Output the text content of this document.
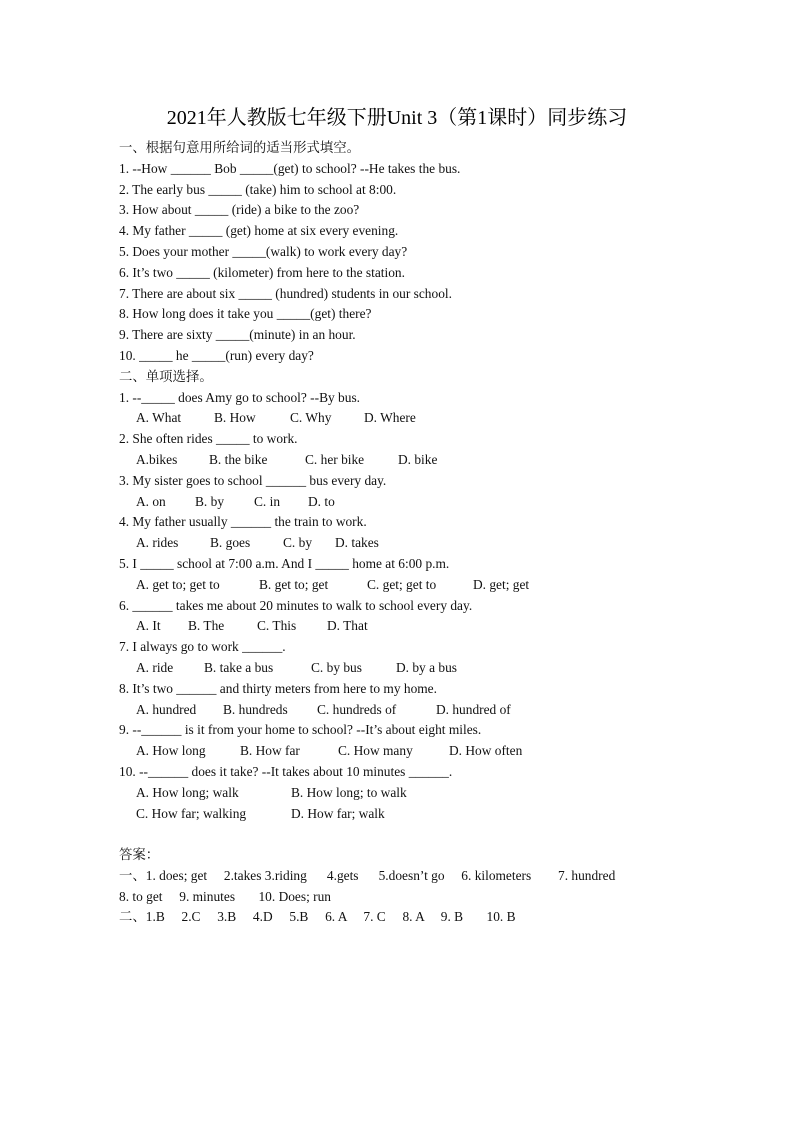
2021年人教版七年级下册Unit 3（第1课时）同步练习
一、根据句意用所给词的适当形式填空。
1. --How ______ Bob _____(get) to school? --He takes the bus.
2. The early bus _____ (take) him to school at 8:00.
3. How about _____ (ride) a bike to the zoo?
4. My father _____ (get) home at six every evening.
5. Does your mother _____(walk) to work every day?
6. It’s two _____ (kilometer) from here to the station.
7. There are about six _____ (hundred) students in our school.
8. How long does it take you _____(get) there?
9. There are sixty _____(minute) in an hour.
10. _____ he _____(run) every day?
二、单项选择。
1. --_____ does Amy go to school? --By bus.
A. What B. How	C. Why D. Where
2. She often rides _____ to work.
A.bikes B. the bike	C. her bike	D. bike
3. My sister goes to school ______ bus every day.
A. on B. by C. in D. to
4. My father usually ______ the train to work.
A. rides B. goes C. by D. takes
5. I _____ school at 7:00 a.m. And I _____ home at 6:00 p.m.
A. get to; get to	B. get to; get	C. get; get to	D. get; get
6. ______ takes me about 20 minutes to walk to school every day.
A. It B. The C. This D. That
7. I always go to work ______.
A. ride B. take a bus	C. by bus	D. by a bus
8. It’s two ______ and thirty meters from here to my home.
A. hundred B. hundreds C. hundreds of	D. hundred of
9. --______ is it from your home to school? --It’s about eight miles.
A. How long	B. How far	C. How many	D. How often
10. --______ does it take? --It takes about 10 minutes ______.
A. How long; walk	B. How long; to walk
C. How far; walking	D. How far; walk
答案：
一、1. does; get     2.takes 3.riding      4.gets      5.doesn’t go     6. kilometers        7. hundred
8. to get     9. minutes       10. Does; run
二、1.B     2.C     3.B     4.D     5.B     6. A     7. C     8. A     9. B       10. B
